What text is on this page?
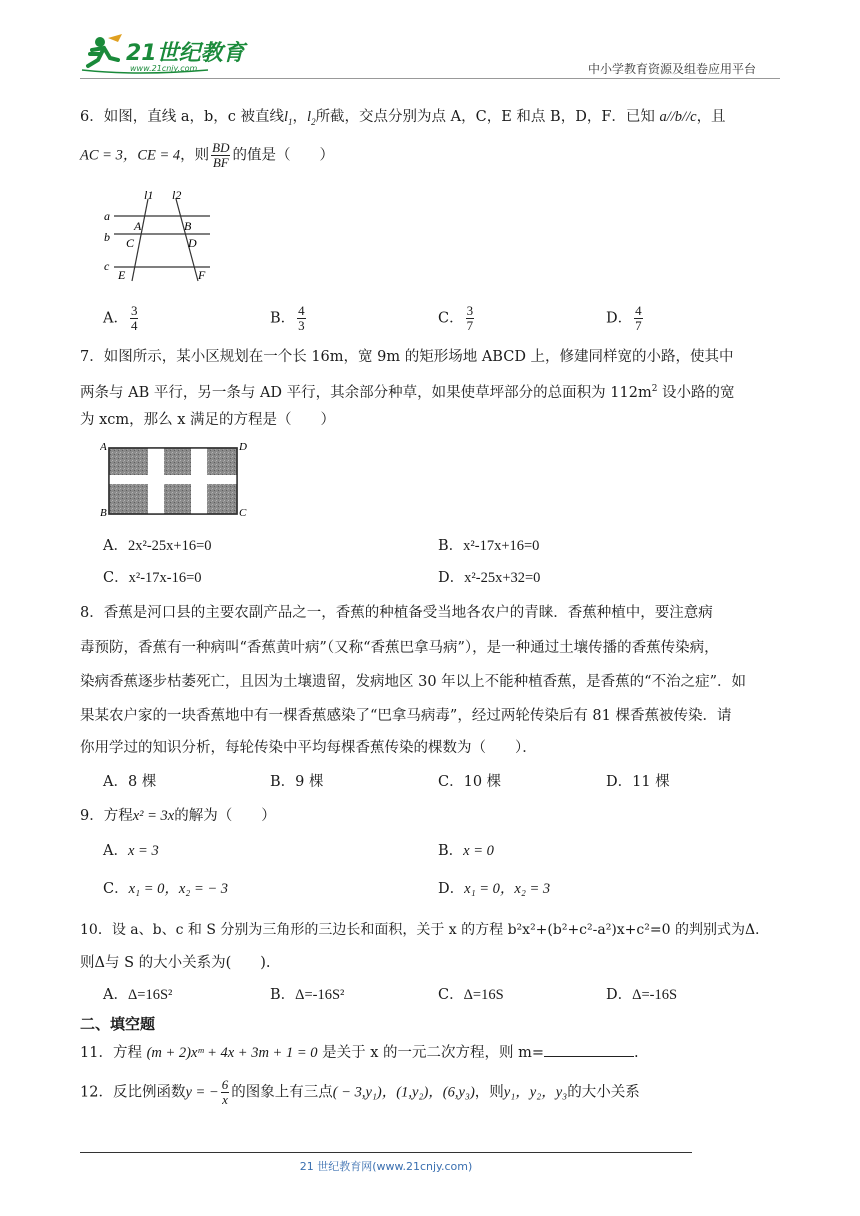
21世纪教育
www.21cnjy.com	中小学教育资源及组卷应用平台
6．如图，直线 a，b，c 被直线$l_1$，$l_2$所截，交点分别为点 A，C，E 和点 B，D，F．已知 a//b//c，且
AC = 3，CE = 4，则 $\frac{BD}{BF}$ 的值是（　　）
l1 l2
a
b
c
A	B
C	D
E	F
A． $\frac{3}{4}$	B． $\frac{4}{3}$	C． $\frac{3}{7}$	D． $\frac{4}{7}$
7．如图所示，某小区规划在一个长 16m，宽 9m 的矩形场地 ABCD 上，修建同样宽的小路，使其中
两条与 AB 平行，另一条与 AD 平行，其余部分种草，如果使草坪部分的总面积为 $112m^2$ 设小路的宽
为 xcm，那么 x 满足的方程是（　　）
A	D
B	C
A．2x²-25x+16=0	B．x²-17x+16=0
C．x²-17x-16=0	D．x²-25x+32=0
8．香蕉是河口县的主要农副产品之一，香蕉的种植备受当地各农户的青睐．香蕉种植中，要注意病
毒预防，香蕉有一种病叫“香蕉黄叶病”（又称“香蕉巴拿马病”），是一种通过土壤传播的香蕉传染病，
染病香蕉逐步枯萎死亡，且因为土壤遗留，发病地区 30 年以上不能种植香蕉，是香蕉的“不治之症”．如
果某农户家的一块香蕉地中有一棵香蕉感染了“巴拿马病毒”，经过两轮传染后有 81 棵香蕉被传染．请
你用学过的知识分析，每轮传染中平均每棵香蕉传染的棵数为（　　）．
A．8 棵	B．9 棵	C．10 棵	D．11 棵
9．方程x² = 3x的解为（　　）
A．x = 3	B．x = 0
C．x₁ = 0，x₂ = − 3	D．x₁ = 0，x₂ = 3
10．设 a、b、c 和 S 分别为三角形的三边长和面积，关于 x 的方程 b²x²+(b²+c²-a²)x+c²=0 的判别式为Δ.
则Δ与 S 的大小关系为(　　).
A．Δ=16S²	B．Δ=-16S²	C．Δ=16S	D．Δ=-16S
二、填空题
11．方程 (m + 2)xᵐ + 4x + 3m + 1 = 0 是关于 x 的一元二次方程，则 m=	.
12．反比例函数y = − $\frac{6}{x}$ 的图象上有三点( − 3,y₁)，(1,y₂)，(6,y₃)，则y₁，y₂，y₃的大小关系
21 世纪教育网(www.21cnjy.com)
